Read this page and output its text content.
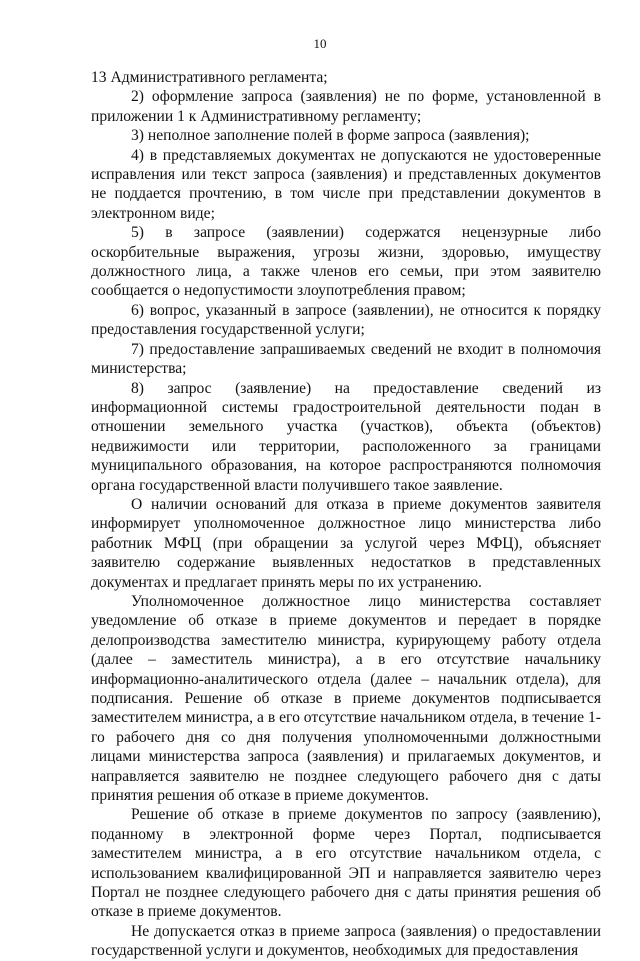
10

13 Административного регламента;

2) оформление запроса (заявления) не по форме, установленной в приложении 1 к Административному регламенту;

3) неполное заполнение полей в форме запроса (заявления);

4) в представляемых документах не допускаются не удостоверенные исправления или текст запроса (заявления) и представленных документов не поддается прочтению, в том числе при представлении документов в электронном виде;

5) в запросе (заявлении) содержатся нецензурные либо оскорбительные выражения, угрозы жизни, здоровью, имуществу должностного лица, а также членов его семьи, при этом заявителю сообщается о недопустимости злоупотребления правом;

6) вопрос, указанный в запросе (заявлении), не относится к порядку предоставления государственной услуги;

7) предоставление запрашиваемых сведений не входит в полномочия министерства;

8) запрос (заявление) на предоставление сведений из информационной системы градостроительной деятельности подан в отношении земельного участка (участков), объекта (объектов) недвижимости или территории, расположенного за границами муниципального образования, на которое распространяются полномочия органа государственной власти получившего такое заявление.

О наличии оснований для отказа в приеме документов заявителя информирует уполномоченное должностное лицо министерства либо работник МФЦ (при обращении за услугой через МФЦ), объясняет заявителю содержание выявленных недостатков в представленных документах и предлагает принять меры по их устранению.

Уполномоченное должностное лицо министерства составляет уведомление об отказе в приеме документов и передает в порядке делопроизводства заместителю министра, курирующему работу отдела (далее – заместитель министра), а в его отсутствие начальнику информационно-аналитического отдела (далее – начальник отдела), для подписания. Решение об отказе в приеме документов подписывается заместителем министра, а в его отсутствие начальником отдела, в течение 1-го рабочего дня со дня получения уполномоченными должностными лицами министерства запроса (заявления) и прилагаемых документов, и направляется заявителю не позднее следующего рабочего дня с даты принятия решения об отказе в приеме документов.

Решение об отказе в приеме документов по запросу (заявлению), поданному в электронной форме через Портал, подписывается заместителем министра, а в его отсутствие начальником отдела, с использованием квалифицированной ЭП и направляется заявителю через Портал не позднее следующего рабочего дня с даты принятия решения об отказе в приеме документов.

Не допускается отказ в приеме запроса (заявления) о предоставлении государственной услуги и документов, необходимых для предоставления
